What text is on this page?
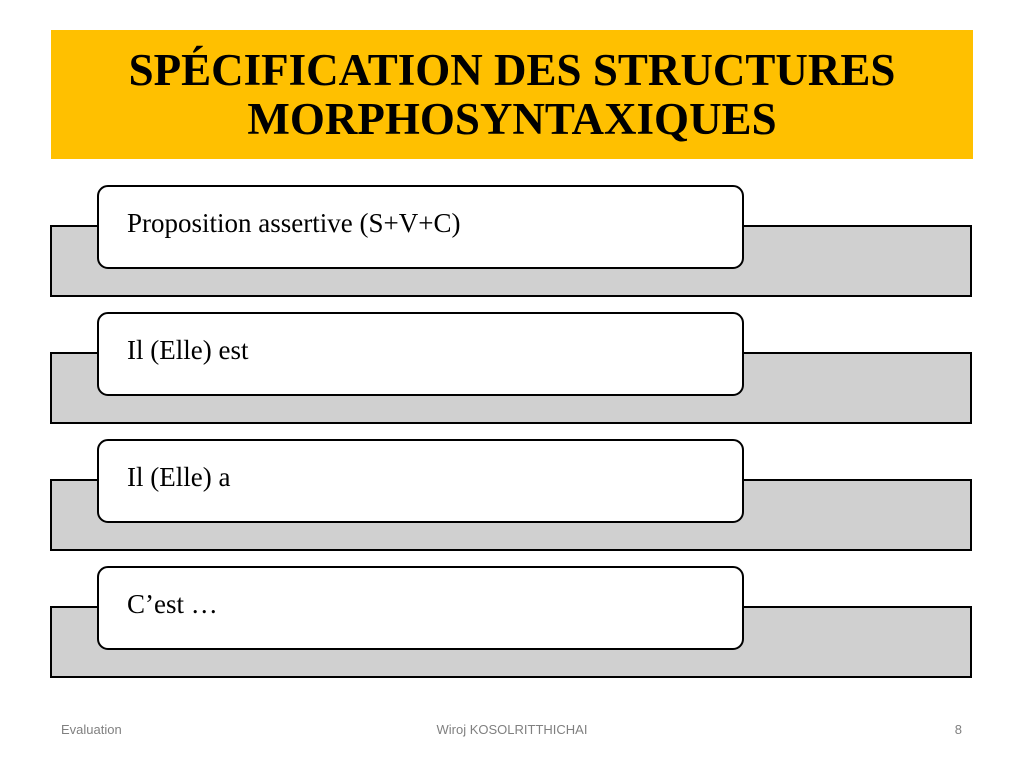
SPÉCIFICATION DES STRUCTURES
MORPHOSYNTAXIQUES
Proposition assertive (S+V+C)
Il (Elle) est
Il (Elle) a
C’est …
Evaluation	Wiroj KOSOLRITTHICHAI	8
